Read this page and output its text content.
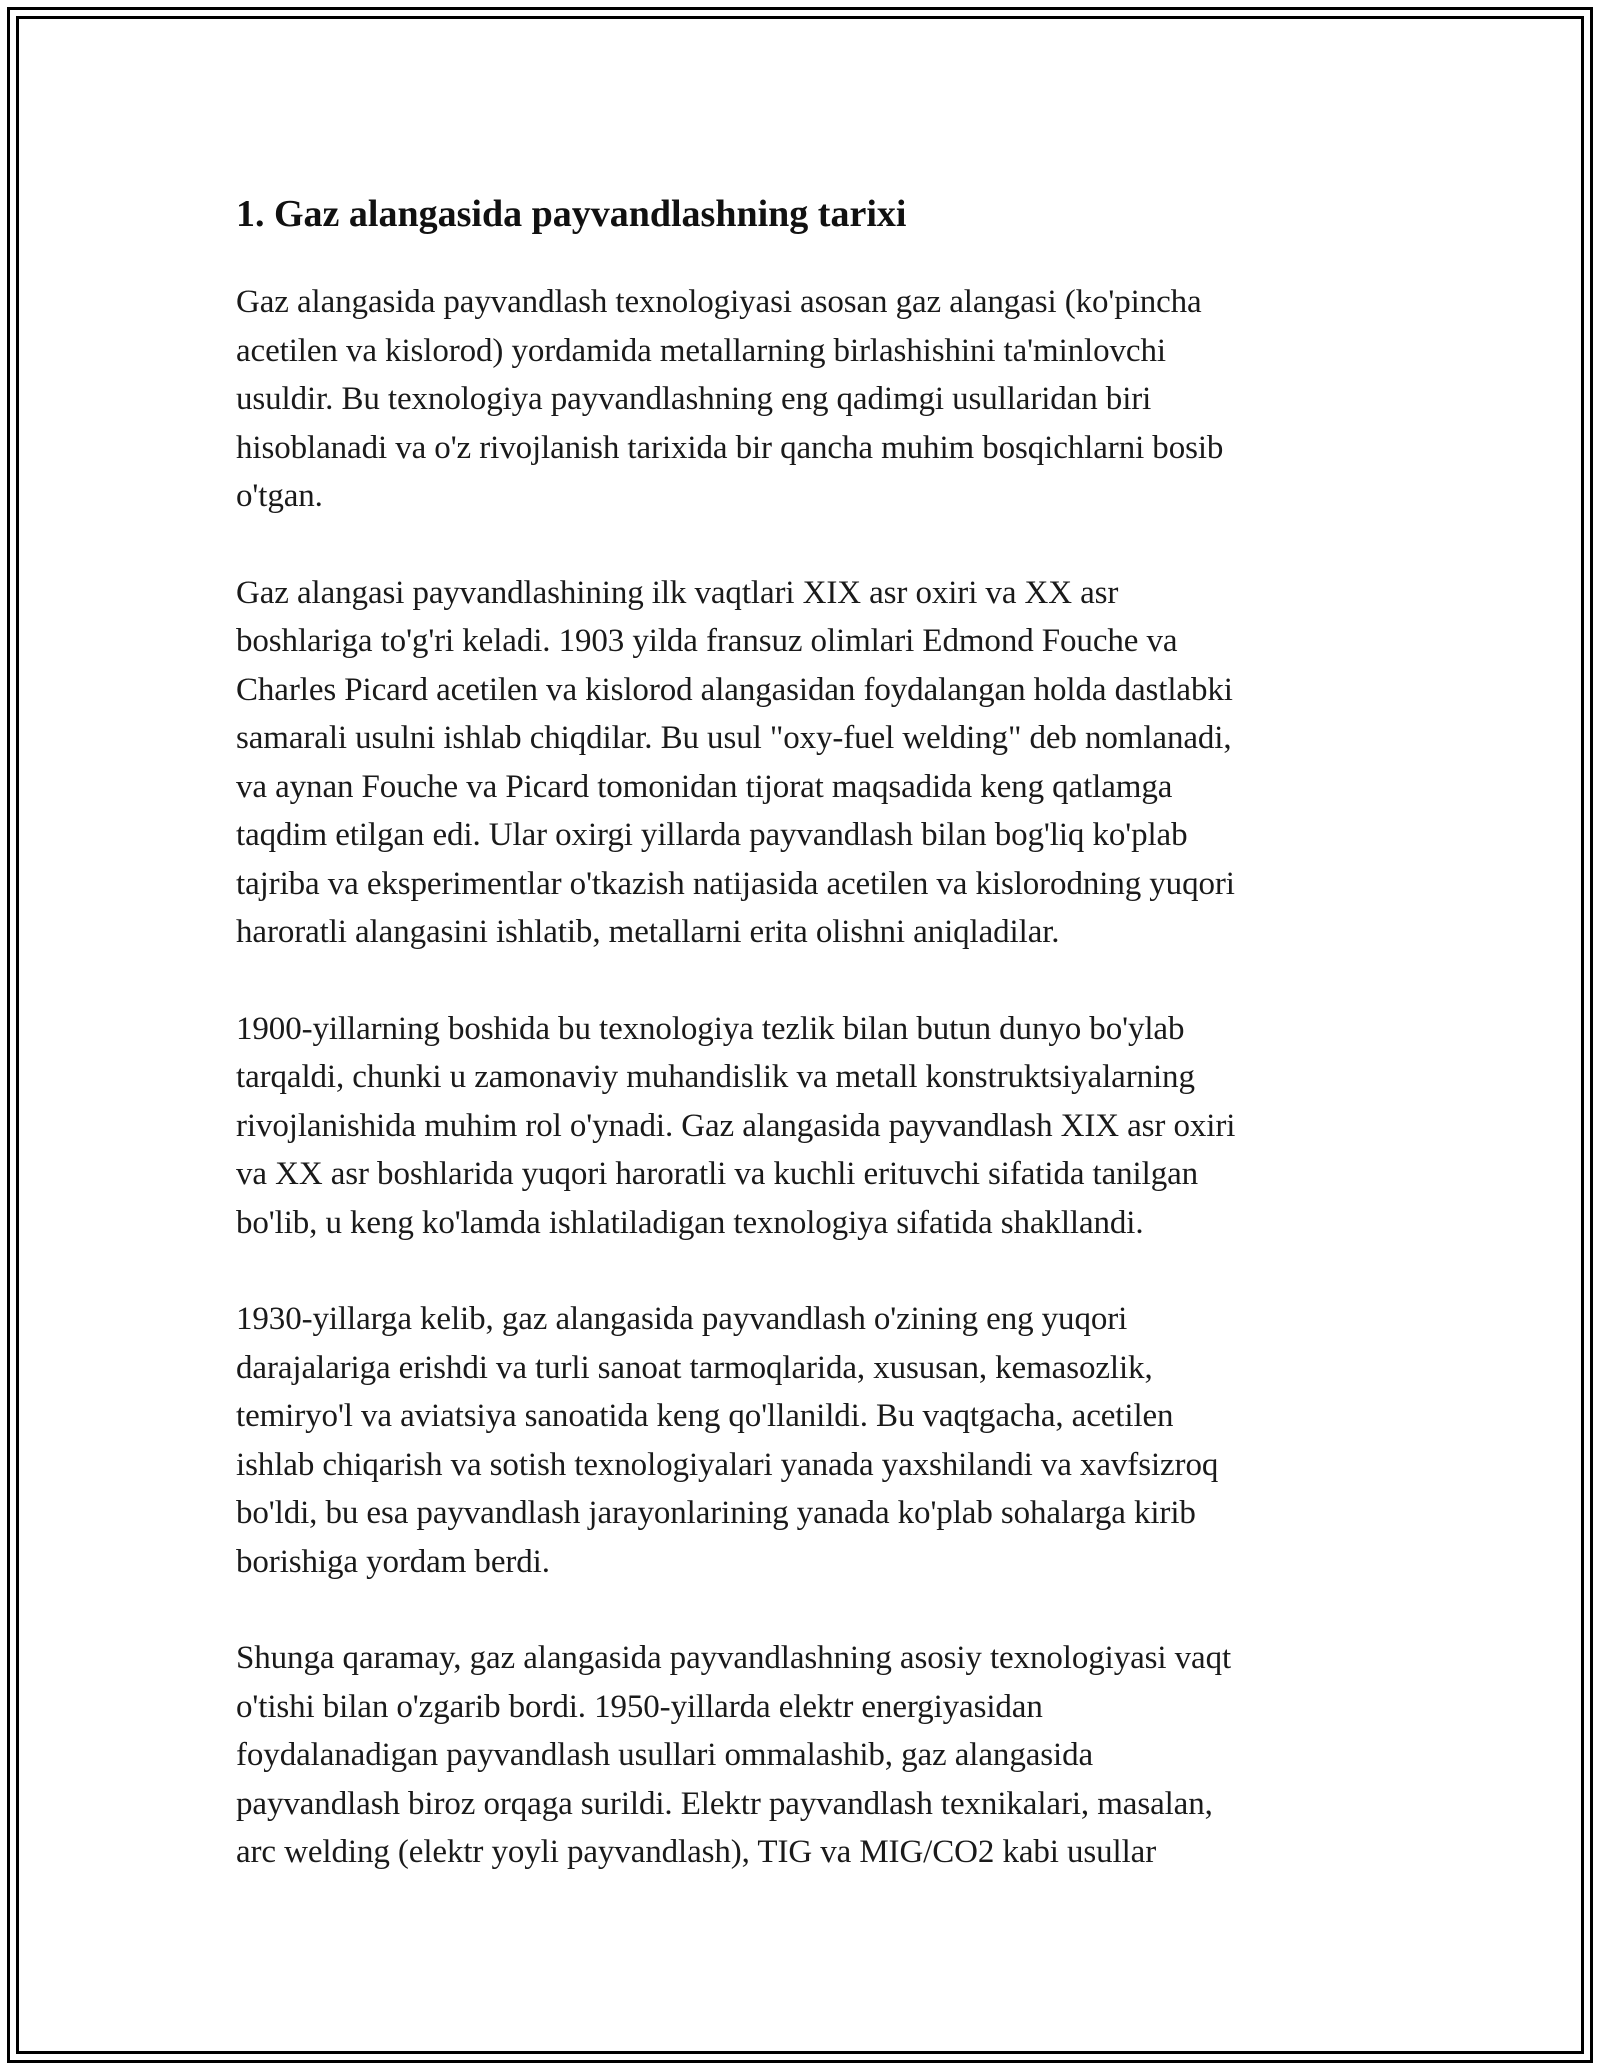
1. Gaz alangasida payvandlashning tarixi

Gaz alangasida payvandlash texnologiyasi asosan gaz alangasi (ko'pincha
acetilen va kislorod) yordamida metallarning birlashishini ta'minlovchi
usuldir. Bu texnologiya payvandlashning eng qadimgi usullaridan biri
hisoblanadi va o'z rivojlanish tarixida bir qancha muhim bosqichlarni bosib
o'tgan.

Gaz alangasi payvandlashining ilk vaqtlari XIX asr oxiri va XX asr
boshlariga to'g'ri keladi. 1903 yilda fransuz olimlari Edmond Fouche va
Charles Picard acetilen va kislorod alangasidan foydalangan holda dastlabki
samarali usulni ishlab chiqdilar. Bu usul "oxy-fuel welding" deb nomlanadi,
va aynan Fouche va Picard tomonidan tijorat maqsadida keng qatlamga
taqdim etilgan edi. Ular oxirgi yillarda payvandlash bilan bog'liq ko'plab
tajriba va eksperimentlar o'tkazish natijasida acetilen va kislorodning yuqori
haroratli alangasini ishlatib, metallarni erita olishni aniqladilar.

1900-yillarning boshida bu texnologiya tezlik bilan butun dunyo bo'ylab
tarqaldi, chunki u zamonaviy muhandislik va metall konstruktsiyalarning
rivojlanishida muhim rol o'ynadi. Gaz alangasida payvandlash XIX asr oxiri
va XX asr boshlarida yuqori haroratli va kuchli erituvchi sifatida tanilgan
bo'lib, u keng ko'lamda ishlatiladigan texnologiya sifatida shakllandi.

1930-yillarga kelib, gaz alangasida payvandlash o'zining eng yuqori
darajalariga erishdi va turli sanoat tarmoqlarida, xususan, kemasozlik,
temiryo'l va aviatsiya sanoatida keng qo'llanildi. Bu vaqtgacha, acetilen
ishlab chiqarish va sotish texnologiyalari yanada yaxshilandi va xavfsizroq
bo'ldi, bu esa payvandlash jarayonlarining yanada ko'plab sohalarga kirib
borishiga yordam berdi.

Shunga qaramay, gaz alangasida payvandlashning asosiy texnologiyasi vaqt
o'tishi bilan o'zgarib bordi. 1950-yillarda elektr energiyasidan
foydalanadigan payvandlash usullari ommalashib, gaz alangasida
payvandlash biroz orqaga surildi. Elektr payvandlash texnikalari, masalan,
arc welding (elektr yoyli payvandlash), TIG va MIG/CO2 kabi usullar
